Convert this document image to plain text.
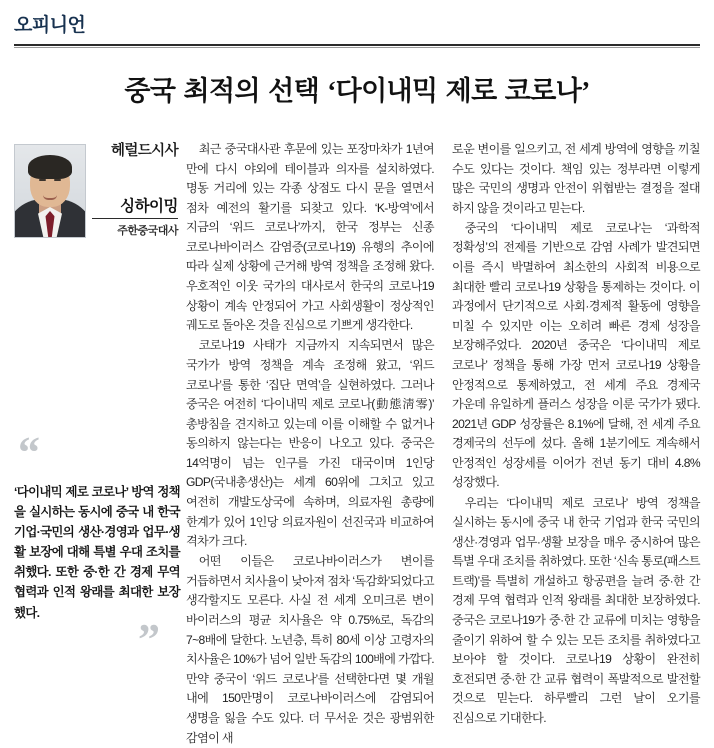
오피니언
중국 최적의 선택 ‘다이내믹 제로 코로나’
헤럴드시사
싱하이밍
주한중국대사
“
‘다이내믹 제로 코로나’ 방역 정책을 실시하는 동시에 중국 내 한국 기업·국민의 생산·경영과 업무·생활 보장에 대해 특별 우대 조치를 취했다. 또한 중·한 간 경제 무역협력과 인적 왕래를 최대한 보장했다.
”

최근 중국대사관 후문에 있는 포장마차가 1년여 만에 다시 야외에 테이블과 의자를 설치하였다. 명동 거리에 있는 각종 상점도 다시 문을 열면서 점차 예전의 활기를 되찾고 있다. ‘K-방역’에서 지금의 ‘위드 코로나’까지, 한국 정부는 신종 코로나바이러스 감염증(코로나19) 유행의 추이에 따라 실제 상황에 근거해 방역 정책을 조정해 왔다. 우호적인 이웃 국가의 대사로서 한국의 코로나19 상황이 계속 안정되어 가고 사회생활이 정상적인 궤도로 돌아온 것을 진심으로 기쁘게 생각한다.

코로나19 사태가 지금까지 지속되면서 많은 국가가 방역 정책을 계속 조정해 왔고, ‘위드 코로나’를 통한 ‘집단 면역’을 실현하였다. 그러나 중국은 여전히 ‘다이내믹 제로 코로나(動態淸零)’ 총방침을 견지하고 있는데 이를 이해할 수 없거나 동의하지 않는다는 반응이 나오고 있다. 중국은 14억명이 넘는 인구를 가진 대국이며 1인당 GDP(국내총생산)는 세계 60위에 그치고 있고 여전히 개발도상국에 속하며, 의료자원 총량에 한계가 있어 1인당 의료자원이 선진국과 비교하여 격차가 크다.

어떤 이들은 코로나바이러스가 변이를 거듭하면서 치사율이 낮아져 점차 ‘독감화’되었다고 생각할지도 모른다. 사실 전 세계 오미크론 변이 바이러스의 평균 치사율은 약 0.75%로, 독감의 7~8배에 달한다. 노년층, 특히 80세 이상 고령자의 치사율은 10%가 넘어 일반 독감의 100배에 가깝다. 만약 중국이 ‘위드 코로나’를 선택한다면 몇 개월 내에 150만명이 코로나바이러스에 감염되어 생명을 잃을 수도 있다. 더 무서운 것은 광범위한 감염이 새

로운 변이를 일으키고, 전 세계 방역에 영향을 끼칠 수도 있다는 것이다. 책임 있는 정부라면 이렇게 많은 국민의 생명과 안전이 위협받는 결정을 절대 하지 않을 것이라고 믿는다.

중국의 ‘다이내믹 제로 코로나’는 ‘과학적 정확성’의 전제를 기반으로 감염 사례가 발견되면 이를 즉시 박멸하여 최소한의 사회적 비용으로 최대한 빨리 코로나19 상황을 통제하는 것이다. 이 과정에서 단기적으로 사회·경제적 활동에 영향을 미칠 수 있지만 이는 오히려 빠른 경제 성장을 보장해주었다. 2020년 중국은 ‘다이내믹 제로 코로나’ 정책을 통해 가장 먼저 코로나19 상황을 안정적으로 통제하였고, 전 세계 주요 경제국 가운데 유일하게 플러스 성장을 이룬 국가가 됐다. 2021년 GDP 성장률은 8.1%에 달해, 전 세계 주요 경제국의 선두에 섰다. 올해 1분기에도 계속해서 안정적인 성장세를 이어가 전년 동기 대비 4.8% 성장했다.

우리는 ‘다이내믹 제로 코로나’ 방역 정책을 실시하는 동시에 중국 내 한국 기업과 한국 국민의 생산·경영과 업무·생활 보장을 매우 중시하여 많은 특별 우대 조치를 취하였다. 또한 ‘신속 통로(패스트 트랙)’를 특별히 개설하고 항공편을 늘려 중·한 간 경제 무역 협력과 인적 왕래를 최대한 보장하였다. 중국은 코로나19가 중·한 간 교류에 미치는 영향을 줄이기 위하여 할 수 있는 모든 조치를 취하였다고 보아야 할 것이다. 코로나19 상황이 완전히 호전되면 중·한 간 교류 협력이 폭발적으로 발전할 것으로 믿는다. 하루빨리 그런 날이 오기를 진심으로 기대한다.
